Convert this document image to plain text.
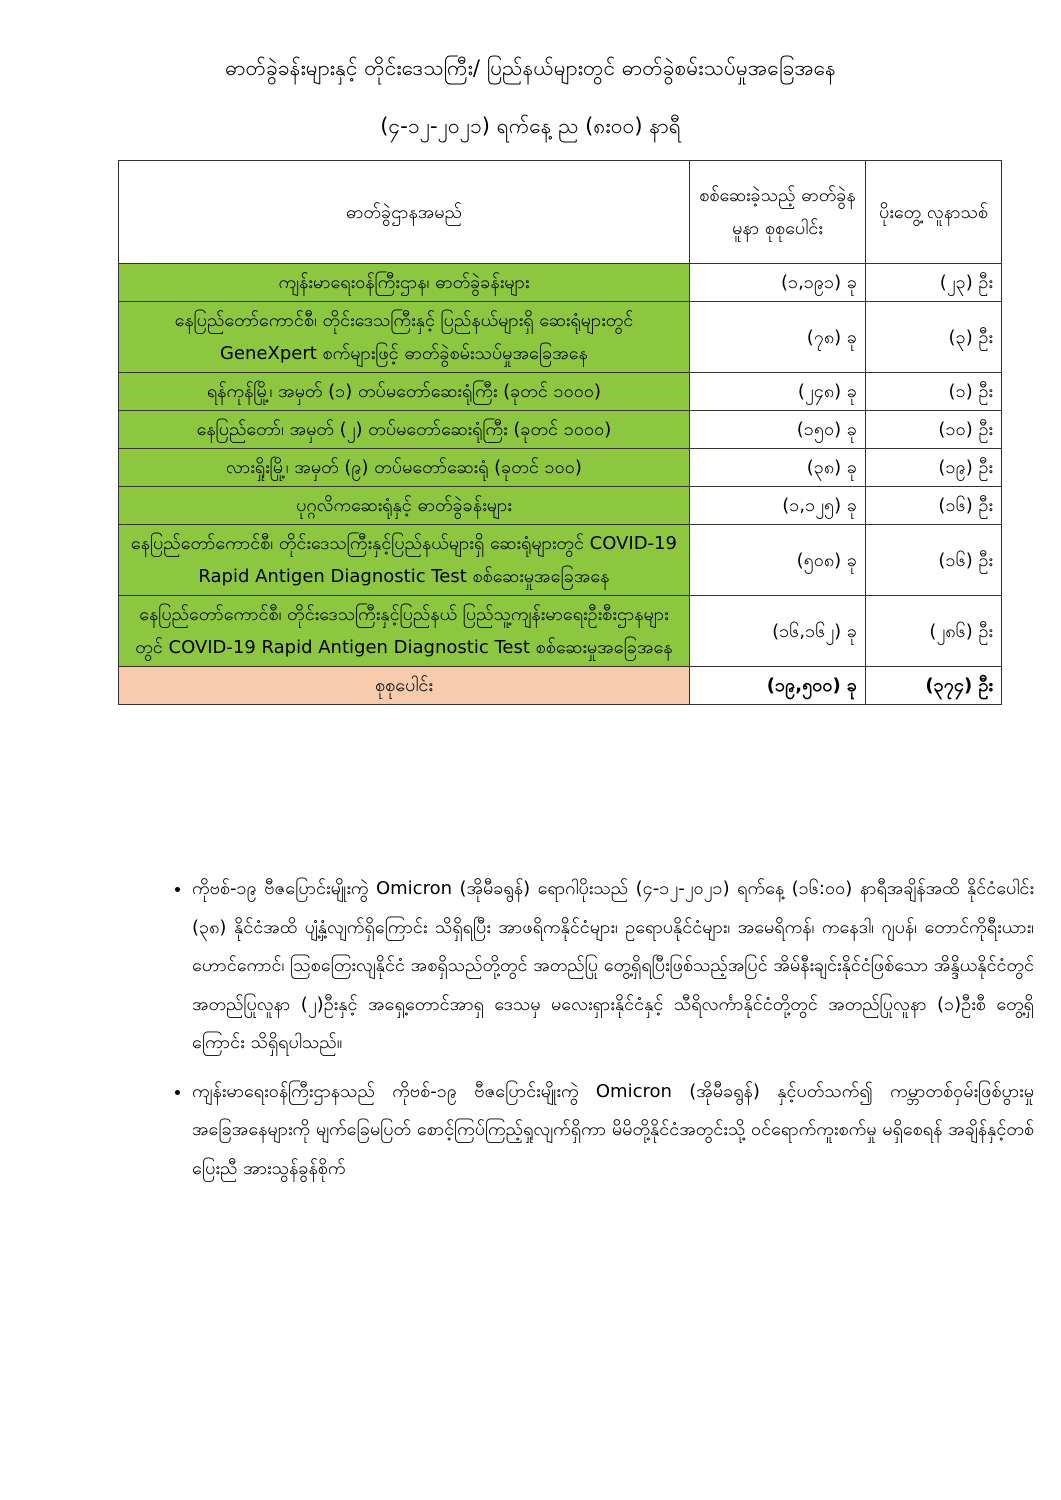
ဓာတ်ခွဲခန်းများနှင့် တိုင်းဒေသကြီး/ ပြည်နယ်များတွင် ဓာတ်ခွဲစမ်းသပ်မှုအခြေအနေ
(၄-၁၂-၂၀၂၁) ရက်နေ့ ည (၈း၀၀) နာရီ
ဓာတ်ခွဲဌာနအမည်	စစ်ဆေးခဲ့သည့် ဓာတ်ခွဲနမူနာ စုစုပေါင်း	ပိုးတွေ့ လူနာသစ်
ကျန်းမာရေးဝန်ကြီးဌာန၊ ဓာတ်ခွဲခန်းများ	(၁,၁၉၁) ခု	(၂၃) ဦး
နေပြည်တော်ကောင်စီ၊ တိုင်းဒေသကြီးနှင့် ပြည်နယ်များရှိ ဆေးရုံများတွင် GeneXpert စက်များဖြင့် ဓာတ်ခွဲစမ်းသပ်မှုအခြေအနေ	(၇၈) ခု	(၃) ဦး
ရန်ကုန်မြို့၊ အမှတ် (၁) တပ်မတော်ဆေးရုံကြီး (ခုတင် ၁၀၀၀)	(၂၄၈) ခု	(၁) ဦး
နေပြည်တော်၊ အမှတ် (၂) တပ်မတော်ဆေးရုံကြီး (ခုတင် ၁၀၀၀)	(၁၅၀) ခု	(၁၀) ဦး
လားရှိုးမြို့၊ အမှတ် (၉) တပ်မတော်ဆေးရုံ (ခုတင် ၁၀၀)	(၃၈) ခု	(၁၉) ဦး
ပုဂ္ဂလိကဆေးရုံနှင့် ဓာတ်ခွဲခန်းများ	(၁,၁၂၅) ခု	(၁၆) ဦး
နေပြည်တော်ကောင်စီ၊ တိုင်းဒေသကြီးနှင့်ပြည်နယ်များရှိ ဆေးရုံများတွင် COVID-19 Rapid Antigen Diagnostic Test စစ်ဆေးမှုအခြေအနေ	(၅၀၈) ခု	(၁၆) ဦး
နေပြည်တော်ကောင်စီ၊ တိုင်းဒေသကြီးနှင့်ပြည်နယ် ပြည်သူ့ကျန်းမာရေးဦးစီးဌာနများတွင် COVID-19 Rapid Antigen Diagnostic Test စစ်ဆေးမှုအခြေအနေ	(၁၆,၁၆၂) ခု	(၂၈၆) ဦး
စုစုပေါင်း	(၁၉,၅၀၀) ခု	(၃၇၄) ဦး
• ကိုဗစ်-၁၉ ဗီဇပြောင်းမျိုးကွဲ Omicron (အိုမီခရွန်) ရောဂါပိုးသည် (၄-၁၂-၂၀၂၁) ရက်နေ့ (၁၆:၀၀) နာရီအချိန်အထိ နိုင်ငံပေါင်း (၃၈) နိုင်ငံအထိ ပျံ့နှံ့လျက်ရှိကြောင်း သိရှိရပြီး အာဖရိကနိုင်ငံများ၊ ဥရောပနိုင်ငံများ၊ အမေရိကန်၊ ကနေဒါ၊ ဂျပန်၊ တောင်ကိုရီးယား၊ ဟောင်ကောင်၊ ဩစတြေးလျနိုင်ငံ အစရှိသည်တို့တွင် အတည်ပြု တွေ့ရှိရပြီးဖြစ်သည့်အပြင် အိမ်နီးချင်းနိုင်ငံဖြစ်သော အိန္ဒိယနိုင်ငံတွင် အတည်ပြုလူနာ (၂)ဦးနှင့် အရှေ့တောင်အာရှ ဒေသမှ မလေးရှားနိုင်ငံနှင့် သီရိလင်္ကာနိုင်ငံတို့တွင် အတည်ပြုလူနာ (၁)ဦးစီ တွေ့ရှိကြောင်း သိရှိရပါသည်။
• ကျန်းမာရေးဝန်ကြီးဌာနသည် ကိုဗစ်-၁၉ ဗီဇပြောင်းမျိုးကွဲ Omicron (အိုမီခရွန်) နှင့်ပတ်သက်၍ ကမ္ဘာတစ်ဝှမ်းဖြစ်ပွားမှု အခြေအနေများကို မျက်ခြေမပြတ် စောင့်ကြပ်ကြည့်ရှုလျက်ရှိကာ မိမိတို့နိုင်ငံအတွင်းသို့ ဝင်ရောက်ကူးစက်မှု မရှိစေရန် အချိန်နှင့်တစ်ပြေးညီ အားသွန်ခွန်စိုက်
